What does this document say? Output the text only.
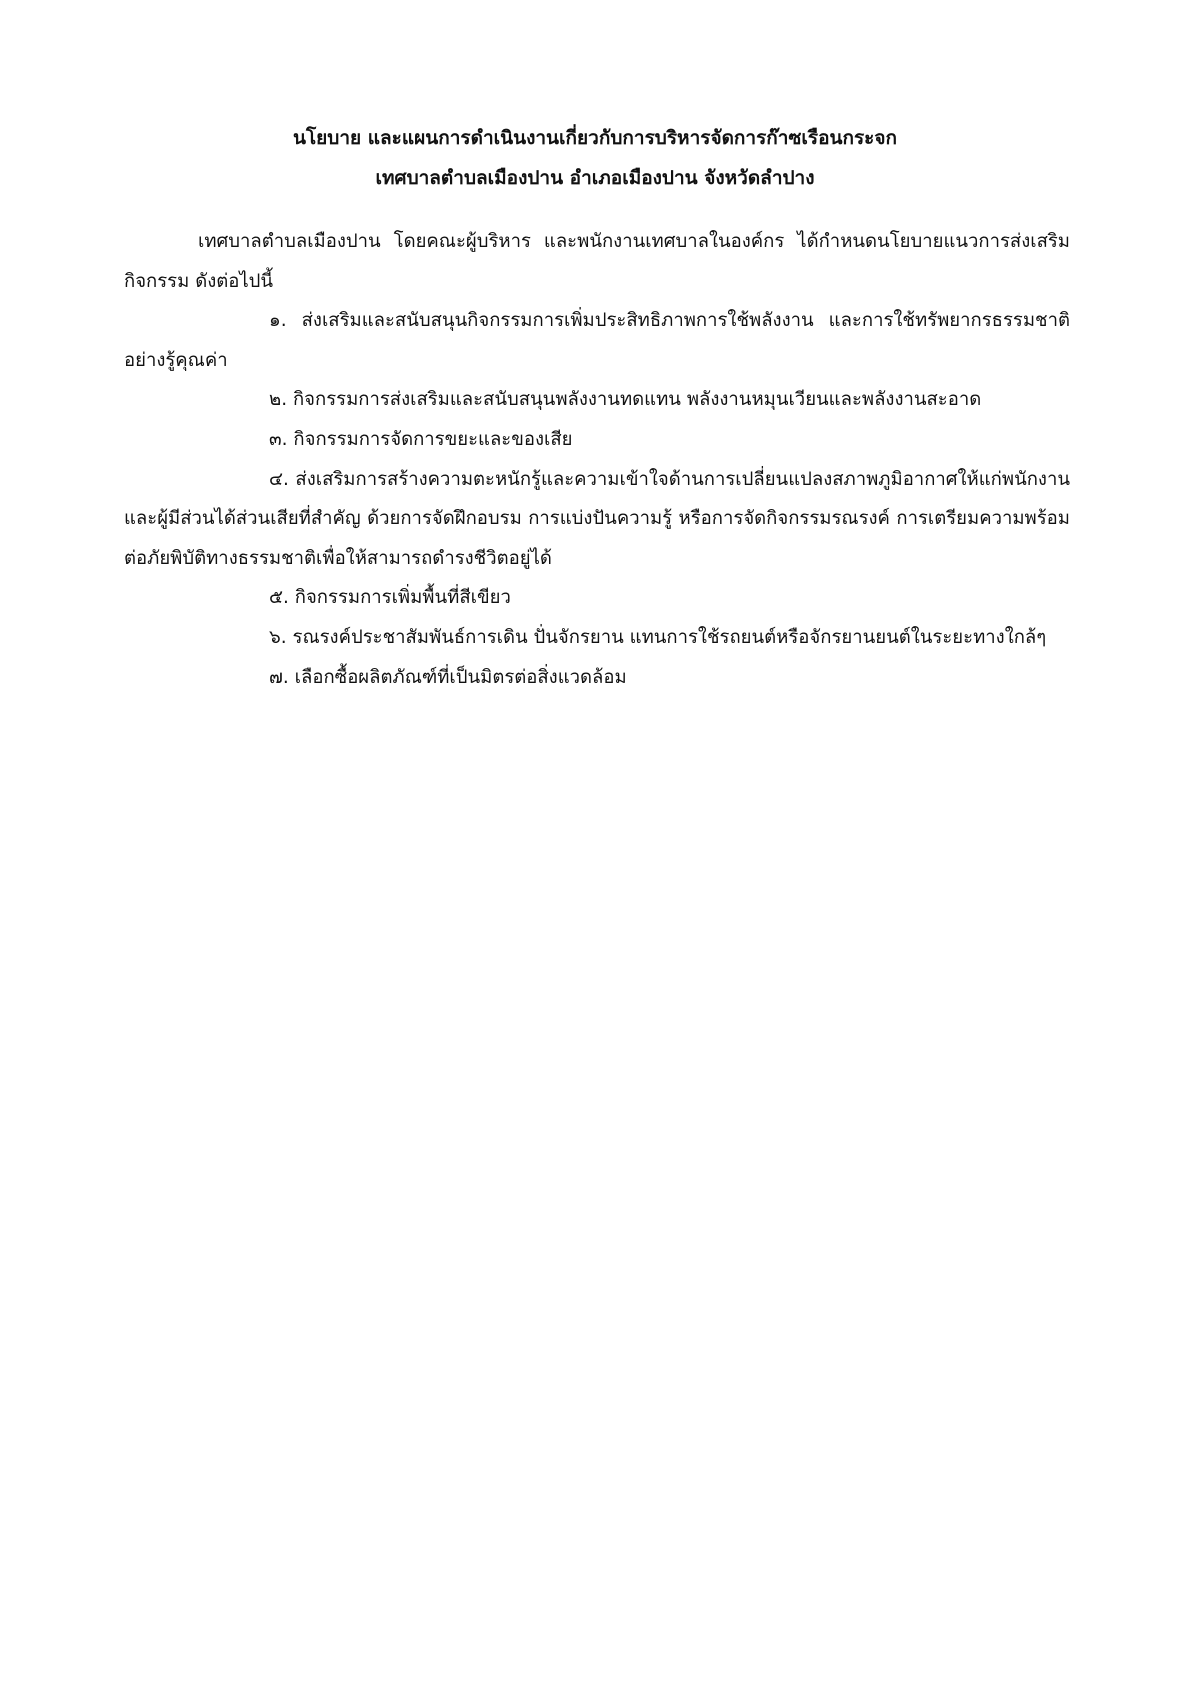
นโยบาย และแผนการดำเนินงานเกี่ยวกับการบริหารจัดการก๊าซเรือนกระจก
เทศบาลตำบลเมืองปาน อำเภอเมืองปาน จังหวัดลำปาง

เทศบาลตำบลเมืองปาน โดยคณะผู้บริหาร และพนักงานเทศบาลในองค์กร ได้กำหนดนโยบายแนวการส่งเสริมกิจกรรม ดังต่อไปนี้

๑. ส่งเสริมและสนับสนุนกิจกรรมการเพิ่มประสิทธิภาพการใช้พลังงาน และการใช้ทรัพยากรธรรมชาติอย่างรู้คุณค่า

๒. กิจกรรมการส่งเสริมและสนับสนุนพลังงานทดแทน พลังงานหมุนเวียนและพลังงานสะอาด

๓. กิจกรรมการจัดการขยะและของเสีย

๔. ส่งเสริมการสร้างความตะหนักรู้และความเข้าใจด้านการเปลี่ยนแปลงสภาพภูมิอากาศให้แก่พนักงานและผู้มีส่วนได้ส่วนเสียที่สำคัญ ด้วยการจัดฝึกอบรม การแบ่งปันความรู้ หรือการจัดกิจกรรมรณรงค์ การเตรียมความพร้อมต่อภัยพิบัติทางธรรมชาติเพื่อให้สามารถดำรงชีวิตอยู่ได้

๕. กิจกรรมการเพิ่มพื้นที่สีเขียว

๖. รณรงค์ประชาสัมพันธ์การเดิน ปั่นจักรยาน แทนการใช้รถยนต์หรือจักรยานยนต์ในระยะทางใกล้ๆ

๗. เลือกซื้อผลิตภัณฑ์ที่เป็นมิตรต่อสิ่งแวดล้อม
